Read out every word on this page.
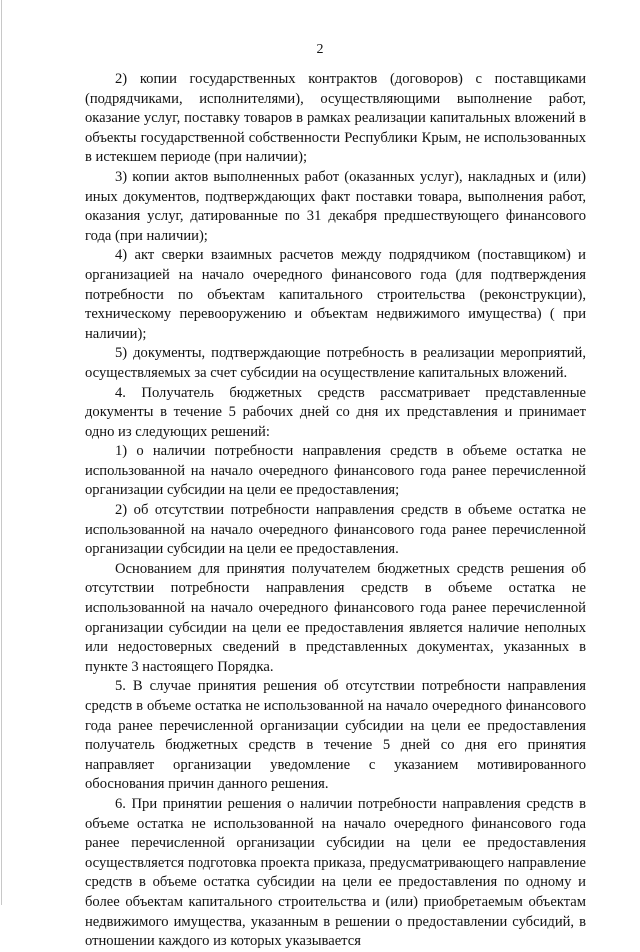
2

2) копии государственных контрактов (договоров) с поставщиками (подрядчиками, исполнителями), осуществляющими выполнение работ, оказание услуг, поставку товаров в рамках реализации капитальных вложений в объекты государственной собственности Республики Крым, не использованных в истекшем периоде (при наличии);

3) копии актов выполненных работ (оказанных услуг), накладных и (или) иных документов, подтверждающих факт поставки товара, выполнения работ, оказания услуг, датированные по 31 декабря предшествующего финансового года (при наличии);

4) акт сверки взаимных расчетов между подрядчиком (поставщиком) и организацией на начало очередного финансового года (для подтверждения потребности по объектам капитального строительства (реконструкции), техническому перевооружению и объектам недвижимого имущества) ( при наличии);

5) документы, подтверждающие потребность в реализации мероприятий, осуществляемых за счет субсидии на осуществление капитальных вложений.

4. Получатель бюджетных средств рассматривает представленные документы в течение 5 рабочих дней со дня их представления и принимает одно из следующих решений:

1) о наличии потребности направления средств в объеме остатка не использованной на начало очередного финансового года ранее перечисленной организации субсидии на цели ее предоставления;

2) об отсутствии потребности направления средств в объеме остатка не использованной на начало очередного финансового года ранее перечисленной организации субсидии на цели ее предоставления.

Основанием для принятия получателем бюджетных средств решения об отсутствии потребности направления средств в объеме остатка не использованной на начало очередного финансового года ранее перечисленной организации субсидии на цели ее предоставления является наличие неполных или недостоверных сведений в представленных документах, указанных в пункте 3 настоящего Порядка.

5. В случае принятия решения об отсутствии потребности направления средств в объеме остатка не использованной на начало очередного финансового года ранее перечисленной организации субсидии на цели ее предоставления получатель бюджетных средств в течение 5 дней со дня его принятия направляет организации уведомление с указанием мотивированного обоснования причин данного решения.

6. При принятии решения о наличии потребности направления средств в объеме остатка не использованной на начало очередного финансового года ранее перечисленной организации субсидии на цели ее предоставления осуществляется подготовка проекта приказа, предусматривающего направление средств в объеме остатка субсидии на цели ее предоставления по одному и более объектам капитального строительства и (или) приобретаемым объектам недвижимого имущества, указанным в решении о предоставлении субсидий, в отношении каждого из которых указывается
